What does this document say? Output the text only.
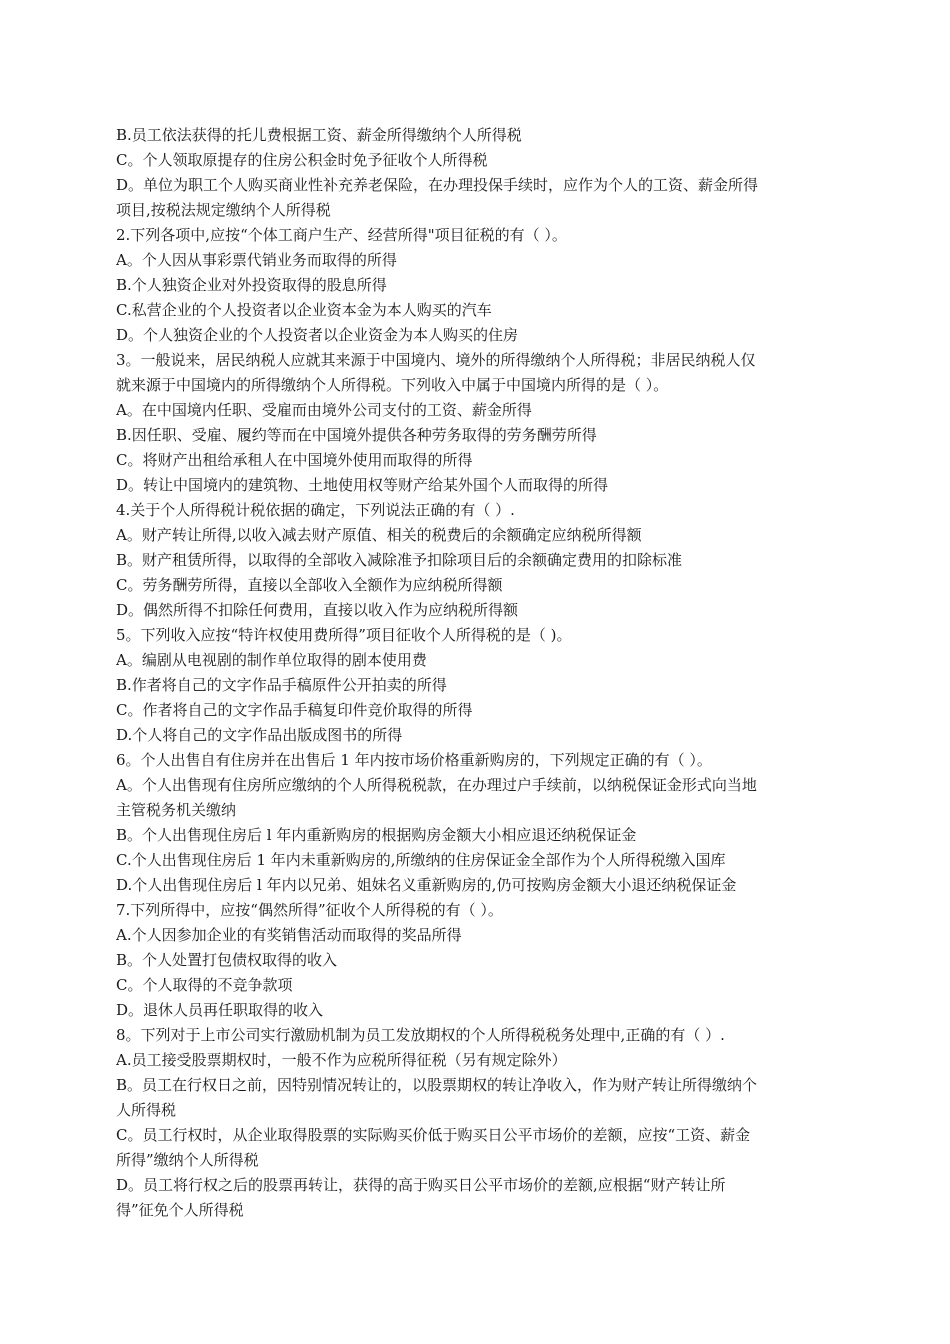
B.员工依法获得的托儿费根据工资、薪金所得缴纳个人所得税
C。个人领取原提存的住房公积金时免予征收个人所得税
D。单位为职工个人购买商业性补充养老保险，在办理投保手续时，应作为个人的工资、薪金所得
项目,按税法规定缴纳个人所得税
2.下列各项中,应按“个体工商户生产、经营所得"项目征税的有（ ）。
A。个人因从事彩票代销业务而取得的所得
B.个人独资企业对外投资取得的股息所得
C.私营企业的个人投资者以企业资本金为本人购买的汽车
D。个人独资企业的个人投资者以企业资金为本人购买的住房
3。一般说来，居民纳税人应就其来源于中国境内、境外的所得缴纳个人所得税；非居民纳税人仅
就来源于中国境内的所得缴纳个人所得税。下列收入中属于中国境内所得的是（ ）。
A。在中国境内任职、受雇而由境外公司支付的工资、薪金所得
B.因任职、受雇、履约等而在中国境外提供各种劳务取得的劳务酬劳所得
C。将财产出租给承租人在中国境外使用而取得的所得
D。转让中国境内的建筑物、土地使用权等财产给某外国个人而取得的所得
4.关于个人所得税计税依据的确定，下列说法正确的有（ ）.
A。财产转让所得,以收入减去财产原值、相关的税费后的余额确定应纳税所得额
B。财产租赁所得，以取得的全部收入减除准予扣除项目后的余额确定费用的扣除标准
C。劳务酬劳所得，直接以全部收入全额作为应纳税所得额
D。偶然所得不扣除任何费用，直接以收入作为应纳税所得额
5。下列收入应按“特许权使用费所得”项目征收个人所得税的是（ )。
A。编剧从电视剧的制作单位取得的剧本使用费
B.作者将自己的文字作品手稿原件公开拍卖的所得
C。作者将自己的文字作品手稿复印件竞价取得的所得
D.个人将自己的文字作品出版成图书的所得
6。个人出售自有住房并在出售后 1 年内按市场价格重新购房的，下列规定正确的有（ ）。
A。个人出售现有住房所应缴纳的个人所得税税款，在办理过户手续前，以纳税保证金形式向当地
主管税务机关缴纳
B。个人出售现住房后 l 年内重新购房的根据购房金额大小相应退还纳税保证金
C.个人出售现住房后 1 年内未重新购房的,所缴纳的住房保证金全部作为个人所得税缴入国库
D.个人出售现住房后 l 年内以兄弟、姐妹名义重新购房的,仍可按购房金额大小退还纳税保证金
7.下列所得中，应按“偶然所得”征收个人所得税的有（ ）。
A.个人因参加企业的有奖销售活动而取得的奖品所得
B。个人处置打包债权取得的收入
C。个人取得的不竞争款项
D。退休人员再任职取得的收入
8。下列对于上市公司实行激励机制为员工发放期权的个人所得税税务处理中,正确的有（ ）.
A.员工接受股票期权时，一般不作为应税所得征税（另有规定除外）
B。员工在行权日之前，因特别情况转让的，以股票期权的转让净收入，作为财产转让所得缴纳个
人所得税
C。员工行权时，从企业取得股票的实际购买价低于购买日公平市场价的差额，应按“工资、薪金
所得”缴纳个人所得税
D。员工将行权之后的股票再转让，获得的高于购买日公平市场价的差额,应根据“财产转让所
得”征免个人所得税
